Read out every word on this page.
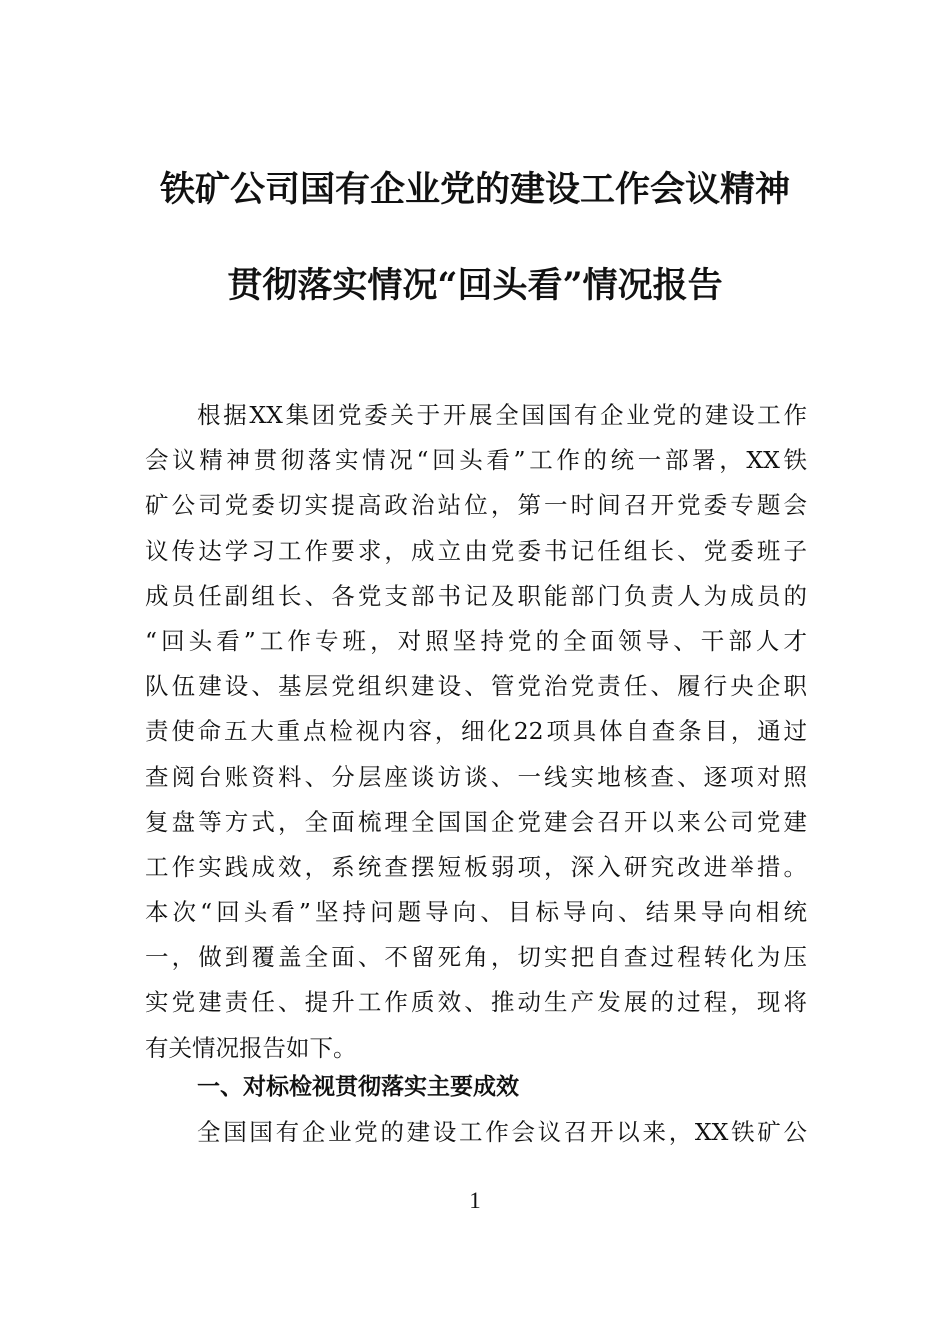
铁矿公司国有企业党的建设工作会议精神
贯彻落实情况“回头看”情况报告
根据XX集团党委关于开展全国国有企业党的建设工作
会议精神贯彻落实情况“回头看”工作的统一部署，XX铁
矿公司党委切实提高政治站位，第一时间召开党委专题会
议传达学习工作要求，成立由党委书记任组长、党委班子
成员任副组长、各党支部书记及职能部门负责人为成员的
“回头看”工作专班，对照坚持党的全面领导、干部人才
队伍建设、基层党组织建设、管党治党责任、履行央企职
责使命五大重点检视内容，细化22项具体自查条目，通过
查阅台账资料、分层座谈访谈、一线实地核查、逐项对照
复盘等方式，全面梳理全国国企党建会召开以来公司党建
工作实践成效，系统查摆短板弱项，深入研究改进举措。
本次“回头看”坚持问题导向、目标导向、结果导向相统
一，做到覆盖全面、不留死角，切实把自查过程转化为压
实党建责任、提升工作质效、推动生产发展的过程，现将
有关情况报告如下。
一、对标检视贯彻落实主要成效
全国国有企业党的建设工作会议召开以来，XX铁矿公
1
